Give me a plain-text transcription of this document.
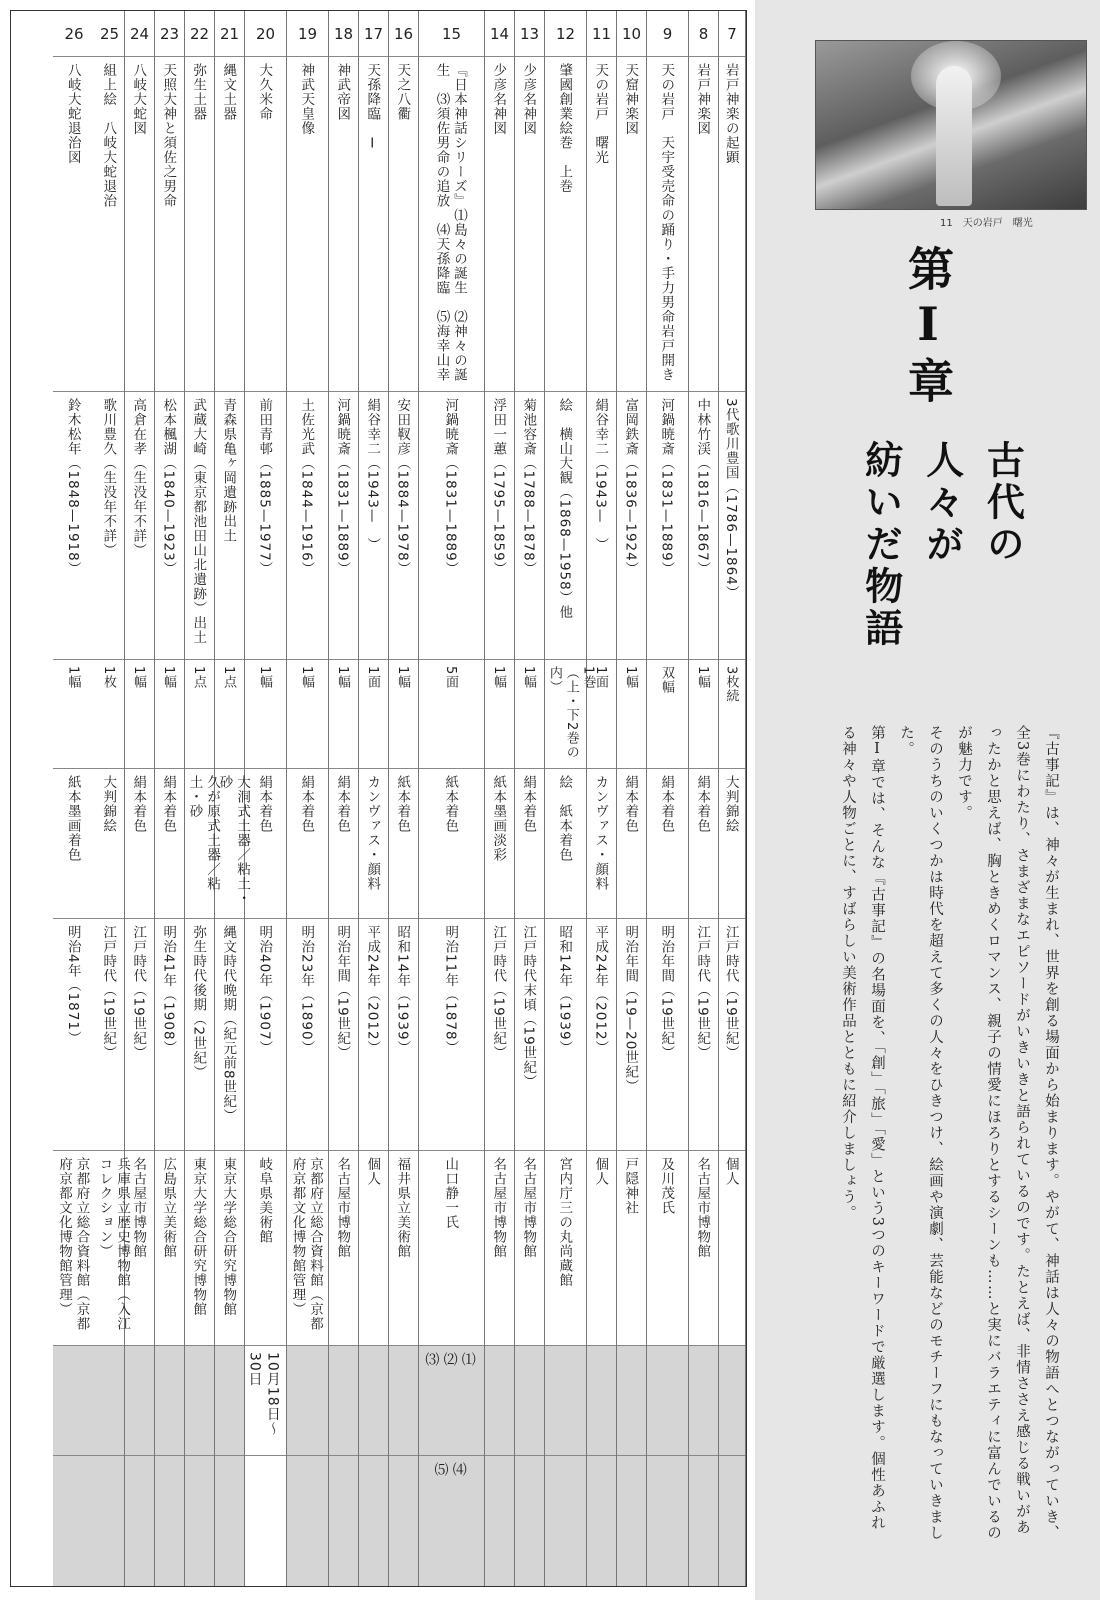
7
岩戸神楽の起顕
3代歌川豊国（1786—1864）
3枚続
大判錦絵
江戸時代（19世紀）
個人
8
岩戸神楽図
中林竹渓（1816—1867）
1幅
絹本着色
江戸時代（19世紀）
名古屋市博物館
9
天の岩戸　天宇受売命の踊り・手力男命岩戸開き
河鍋暁斎（1831—1889）
双幅
絹本着色
明治年間（19世紀）
及川茂氏
10
天窟神楽図
富岡鉄斎（1836—1924）
1幅
絹本着色
明治年間（19—20世紀）
戸隠神社
11
天の岩戸　曙光
絹谷幸二（1943—　）
1面
カンヴァス・顔料
平成24年（2012）
個人
12
肇國創業絵巻　上巻
絵　横山大観（1868—1958）他
1巻
（上・下2巻の内）
絵　紙本着色
昭和14年（1939）
宮内庁三の丸尚蔵館
13
少彦名神図
菊池容斎（1788—1878）
1幅
絹本着色
江戸時代末頃（19世紀）
名古屋市博物館
14
少彦名神図
浮田一蕙（1795—1859）
1幅
紙本墨画淡彩
江戸時代（19世紀）
名古屋市博物館
15
『日本神話シリーズ』⑴島々の誕生　⑵神々の誕生　⑶須佐男命の追放　⑷天孫降臨　⑸海幸山幸
河鍋暁斎（1831—1889）
5面
紙本着色
明治11年（1878）
山口静一氏
⑴
⑵
⑶
⑷
⑸
16
天之八衢
安田靫彦（1884—1978）
1幅
紙本着色
昭和14年（1939）
福井県立美術館
17
天孫降臨　Ⅰ
絹谷幸二（1943—　）
1面
カンヴァス・顔料
平成24年（2012）
個人
18
神武帝図
河鍋暁斎（1831—1889）
1幅
絹本着色
明治年間（19世紀）
名古屋市博物館
19
神武天皇像
土佐光武（1844—1916）
1幅
絹本着色
明治23年（1890）
京都府立総合資料館（京都府京都文化博物館管理）
20
大久米命
前田青邨（1885—1977）
1幅
絹本着色
明治40年（1907）
岐阜県美術館
10月18日〜30日
21
縄文土器
青森県亀ヶ岡遺跡出土
1点
大洞式土器／粘土・砂
縄文時代晩期（紀元前8世紀）
東京大学総合研究博物館
22
弥生土器
武蔵大崎（東京都池田山北遺跡）出土
1点
久が原式土器／粘土・砂
弥生時代後期（2世紀）
東京大学総合研究博物館
23
天照大神と須佐之男命
松本楓湖（1840—1923）
1幅
絹本着色
明治41年（1908）
広島県立美術館
24
八岐大蛇図
高倉在孝（生没年不詳）
1幅
絹本着色
江戸時代（19世紀）
名古屋市博物館
25
組上絵　八岐大蛇退治
歌川豊久（生没年不詳）
1枚
大判錦絵
江戸時代（19世紀）
兵庫県立歴史博物館（入江コレクション）
26
八岐大蛇退治図
鈴木松年（1848—1918）
1幅
紙本墨画着色
明治4年（1871）
京都府立総合資料館（京都府京都文化博物館管理）
11　天の岩戸　曙光
第Ⅰ章
古代の
人々が
紡いだ物語
『古事記』は、神々が生まれ、世界を創る場面から始まります。やがて、神話は人々の物語へとつながっていき、全3巻にわたり、さまざまなエピソードがいきいきと語られているのです。たとえば、非情ささえ感じる戦いがあったかと思えば、胸ときめくロマンス、親子の情愛にほろりとするシーンも……と実にバラエティに富んでいるのが魅力です。
そのうちのいくつかは時代を超えて多くの人々をひきつけ、絵画や演劇、芸能などのモチーフにもなっていきました。
第Ⅰ章では、そんな『古事記』の名場面を、「創」「旅」「愛」という3つのキーワードで厳選します。個性あふれる神々や人物ごとに、すばらしい美術作品とともに紹介しましょう。
